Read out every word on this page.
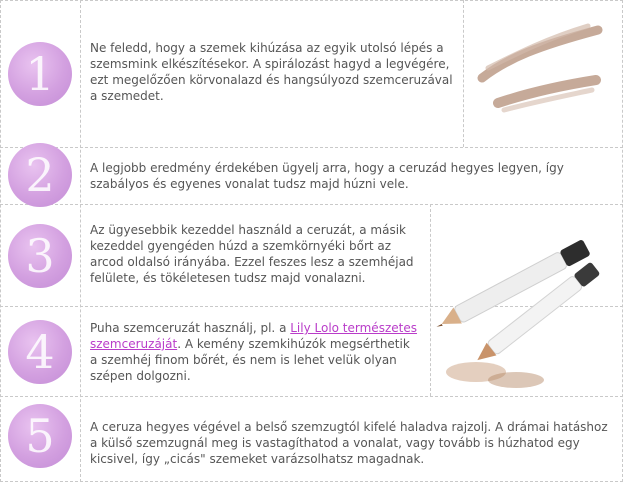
1	Ne feledd, hogy a szemek kihúzása az egyik utolsó lépés a szemsmink elkészítésekor. A spirálozást hagyd a legvégére, ezt megelőzően körvonalazd és hangsúlyozd szemceruzával a szemedet.
2	A legjobb eredmény érdekében ügyelj arra, hogy a ceruzád hegyes legyen, így szabályos és egyenes vonalat tudsz majd húzni vele.
3	Az ügyesebbik kezeddel használd a ceruzát, a másik kezeddel gyengéden húzd a szemkörnyéki bőrt az arcod oldalsó irányába. Ezzel feszes lesz a szemhéjad felülete, és tökéletesen tudsz majd vonalazni.
4	Puha szemceruzát használj, pl. a Lily Lolo természetes szemceruzáját. A kemény szemkihúzók megsérthetik a szemhéj finom bőrét, és nem is lehet velük olyan szépen dolgozni.
5	A ceruza hegyes végével a belső szemzugtól kifelé haladva rajzolj. A drámai hatáshoz a külső szemzugnál meg is vastagíthatod a vonalat, vagy tovább is húzhatod egy kicsivel, így „cicás" szemeket varázsolhatsz magadnak.
